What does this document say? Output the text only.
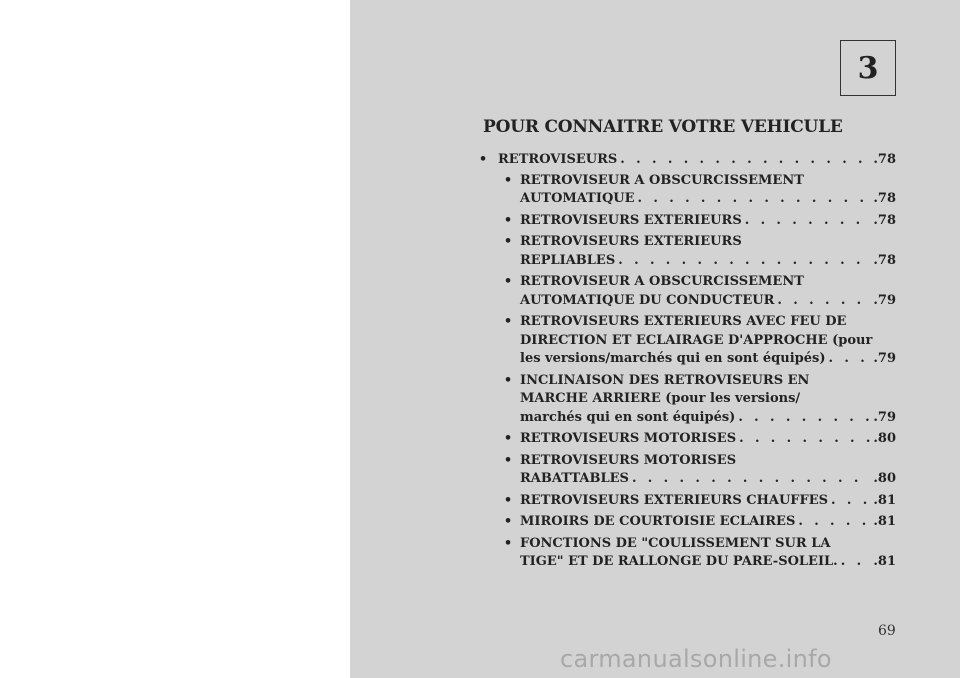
3
POUR CONNAITRE VOTRE VEHICULE
• RETROVISEURS . . .	.78
• RETROVISEUR A OBSCURCISSEMENT
AUTOMATIQUE . . .	.78
• RETROVISEURS EXTERIEURS . . .	.78
• RETROVISEURS EXTERIEURS
REPLIABLES . . .	.78
• RETROVISEUR A OBSCURCISSEMENT
AUTOMATIQUE DU CONDUCTEUR . . .	.79
• RETROVISEURS EXTERIEURS AVEC FEU DE
DIRECTION ET ECLAIRAGE D'APPROCHE (pour
les versions/marchés qui en sont équipés) . . .	.79
• INCLINAISON DES RETROVISEURS EN
MARCHE ARRIERE (pour les versions/
marchés qui en sont équipés) . . .	.79
• RETROVISEURS MOTORISES . . .	.80
• RETROVISEURS MOTORISES
RABATTABLES . . .	.80
• RETROVISEURS EXTERIEURS CHAUFFES . . .	.81
• MIROIRS DE COURTOISIE ECLAIRES . . .	.81
• FONCTIONS DE "COULISSEMENT SUR LA
TIGE" ET DE RALLONGE DU PARE-SOLEIL. . . .	.81
69
carmanualsonline.info
